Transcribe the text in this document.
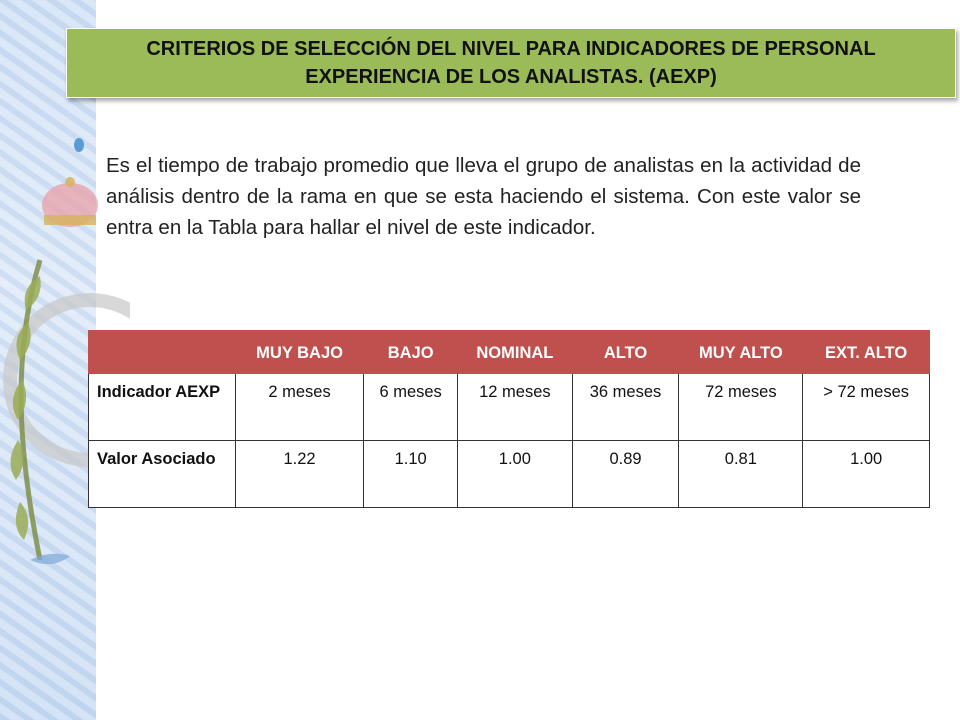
CRITERIOS DE SELECCIÓN DEL NIVEL PARA INDICADORES DE PERSONAL
EXPERIENCIA DE LOS ANALISTAS. (AEXP)
Es el tiempo de trabajo promedio que lleva el grupo de analistas en la actividad de análisis dentro de la rama en que se esta haciendo el sistema. Con este valor se entra en la Tabla para hallar el nivel de este indicador.
	MUY BAJO	BAJO	NOMINAL	ALTO	MUY ALTO	EXT. ALTO
Indicador AEXP	2 meses	6 meses	12 meses	36 meses	72 meses	> 72 meses
Valor Asociado	1.22	1.10	1.00	0.89	0.81	1.00
